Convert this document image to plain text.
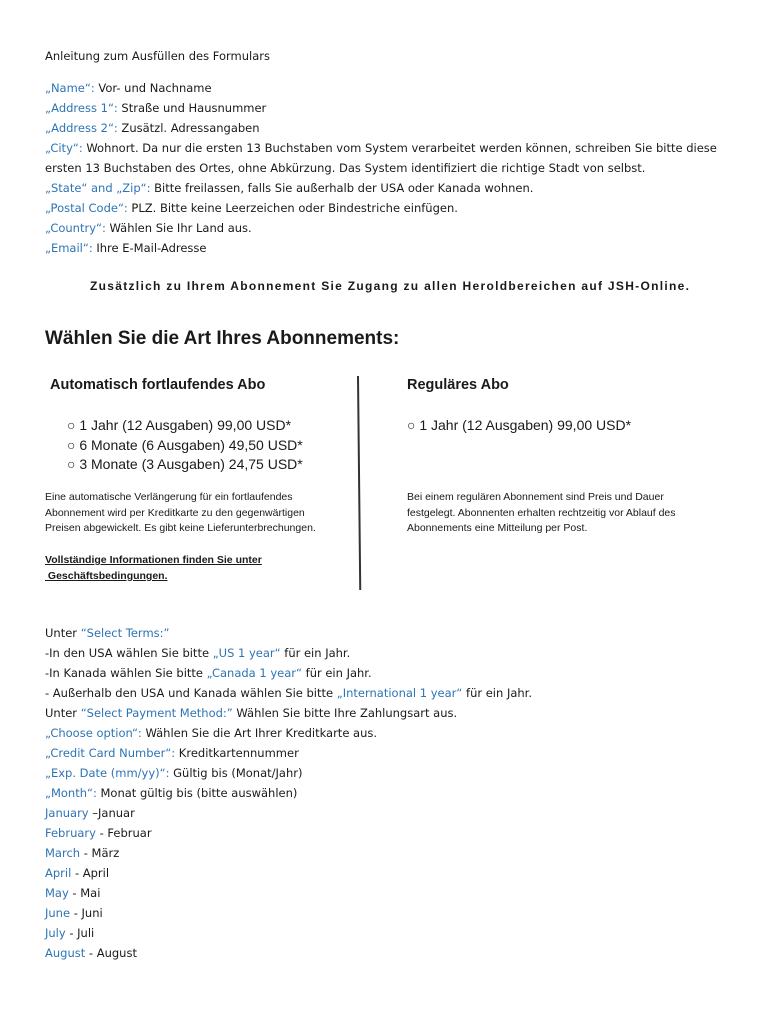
Anleitung zum Ausfüllen des Formulars
„Name“: Vor- und Nachname
„Address 1“: Straße und Hausnummer
„Address 2“: Zusätzl. Adressangaben
„City“: Wohnort. Da nur die ersten 13 Buchstaben vom System verarbeitet werden können, schreiben Sie bitte diese ersten 13 Buchstaben des Ortes, ohne Abkürzung. Das System identifiziert die richtige Stadt von selbst.
„State“ and „Zip“: Bitte freilassen, falls Sie außerhalb der USA oder Kanada wohnen.
„Postal Code“: PLZ. Bitte keine Leerzeichen oder Bindestriche einfügen.
„Country“: Wählen Sie Ihr Land aus.
„Email“: Ihre E-Mail-Adresse
Zusätzlich zu Ihrem Abonnement Sie Zugang zu allen Heroldbereichen auf JSH-Online.
Wählen Sie die Art Ihres Abonnements:
Automatisch fortlaufendes Abo
○ 1 Jahr (12 Ausgaben) 99,00 USD*
○ 6 Monate (6 Ausgaben) 49,50 USD*
○ 3 Monate (3 Ausgaben) 24,75 USD*
Eine automatische Verlängerung für ein fortlaufendes
Abonnement wird per Kreditkarte zu den gegenwärtigen
Preisen abgewickelt. Es gibt keine Lieferunterbrechungen.
Vollständige Informationen finden Sie unter
Geschäftsbedingungen.
Reguläres Abo
○ 1 Jahr (12 Ausgaben) 99,00 USD*
Bei einem regulären Abonnement sind Preis und Dauer
festgelegt. Abonnenten erhalten rechtzeitig vor Ablauf des
Abonnements eine Mitteilung per Post.
Unter “Select Terms:”
-In den USA wählen Sie bitte „US 1 year“ für ein Jahr.
-In Kanada wählen Sie bitte „Canada 1 year“ für ein Jahr.
- Außerhalb den USA und Kanada wählen Sie bitte „International 1 year“ für ein Jahr.
Unter “Select Payment Method:” Wählen Sie bitte Ihre Zahlungsart aus.
„Choose option“: Wählen Sie die Art Ihrer Kreditkarte aus.
„Credit Card Number“: Kreditkartennummer
„Exp. Date (mm/yy)“: Gültig bis (Monat/Jahr)
„Month“: Monat gültig bis (bitte auswählen)
January –Januar
February - Februar
March - März
April - April
May - Mai
June - Juni
July - Juli
August - August
